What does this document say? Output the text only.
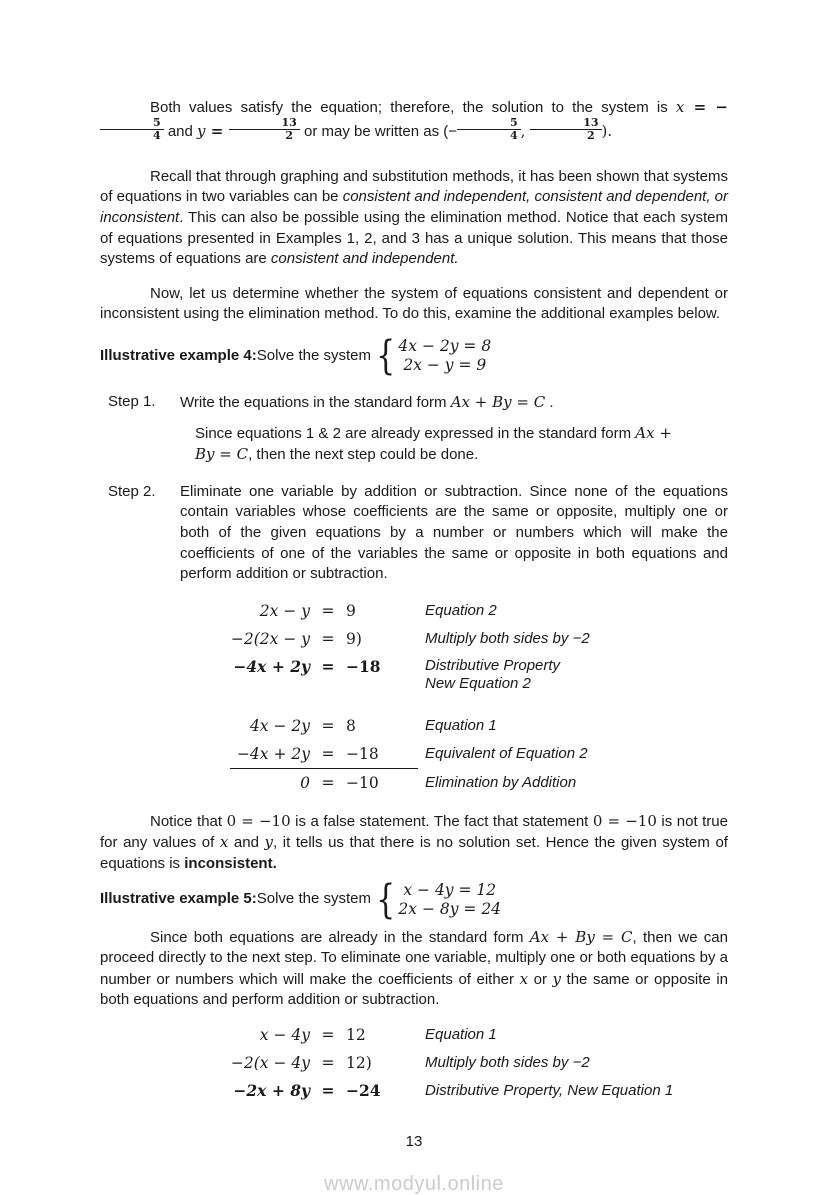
Both values satisfy the equation; therefore, the solution to the system is x = −
$\frac{5}{4}$ and $y = \frac{13}{2}$ or may be written as (− $\frac{5}{4}$ , $\frac{13}{2}$ ).

Recall that through graphing and substitution methods, it has been shown that systems of equations in two variables can be consistent and independent, consistent and dependent, or inconsistent. This can also be possible using the elimination method. Notice that each system of equations presented in Examples 1, 2, and 3 has a unique solution. This means that those systems of equations are consistent and independent.

Now, let us determine whether the system of equations consistent and dependent or inconsistent using the elimination method. To do this, examine the additional examples below.

Illustrative example 4: Solve the system { 4x − 2y = 8
2x − y = 9
Step 1.	Write the equations in the standard form Ax + By = C .

Since equations 1 & 2 are already expressed in the standard form Ax + By = C, then the next step could be done.

Step 2.	Eliminate one variable by addition or subtraction. Since none of the equations contain variables whose coefficients are the same or opposite, multiply one or both of the given equations by a number or numbers which will make the coefficients of one of the variables the same or opposite in both equations and perform addition or subtraction.
2x − y = 9	Equation 2
−2(2x − y = 9)	Multiply both sides by −2
−4x + 2y = −18	Distributive Property
New Equation 2
4x − 2y = 8	Equation 1
−4x + 2y = −18	Equivalent of Equation 2
0 = −10	Elimination by Addition

Notice that 0 = −10 is a false statement. The fact that statement 0 = −10 is not true for any values of x and y, it tells us that there is no solution set. Hence the given system of equations is inconsistent.

Illustrative example 5: Solve the system { x − 4y = 12
2x − 8y = 24

Since both equations are already in the standard form Ax + By = C, then we can proceed directly to the next step. To eliminate one variable, multiply one or both equations by a number or numbers which will make the coefficients of either x or y the same or opposite in both equations and perform addition or subtraction.

x − 4y = 12	Equation 1
−2(x − 4y = 12)	Multiply both sides by −2
−2x + 8y = −24	Distributive Property, New Equation 1
13
www.modyul.online
